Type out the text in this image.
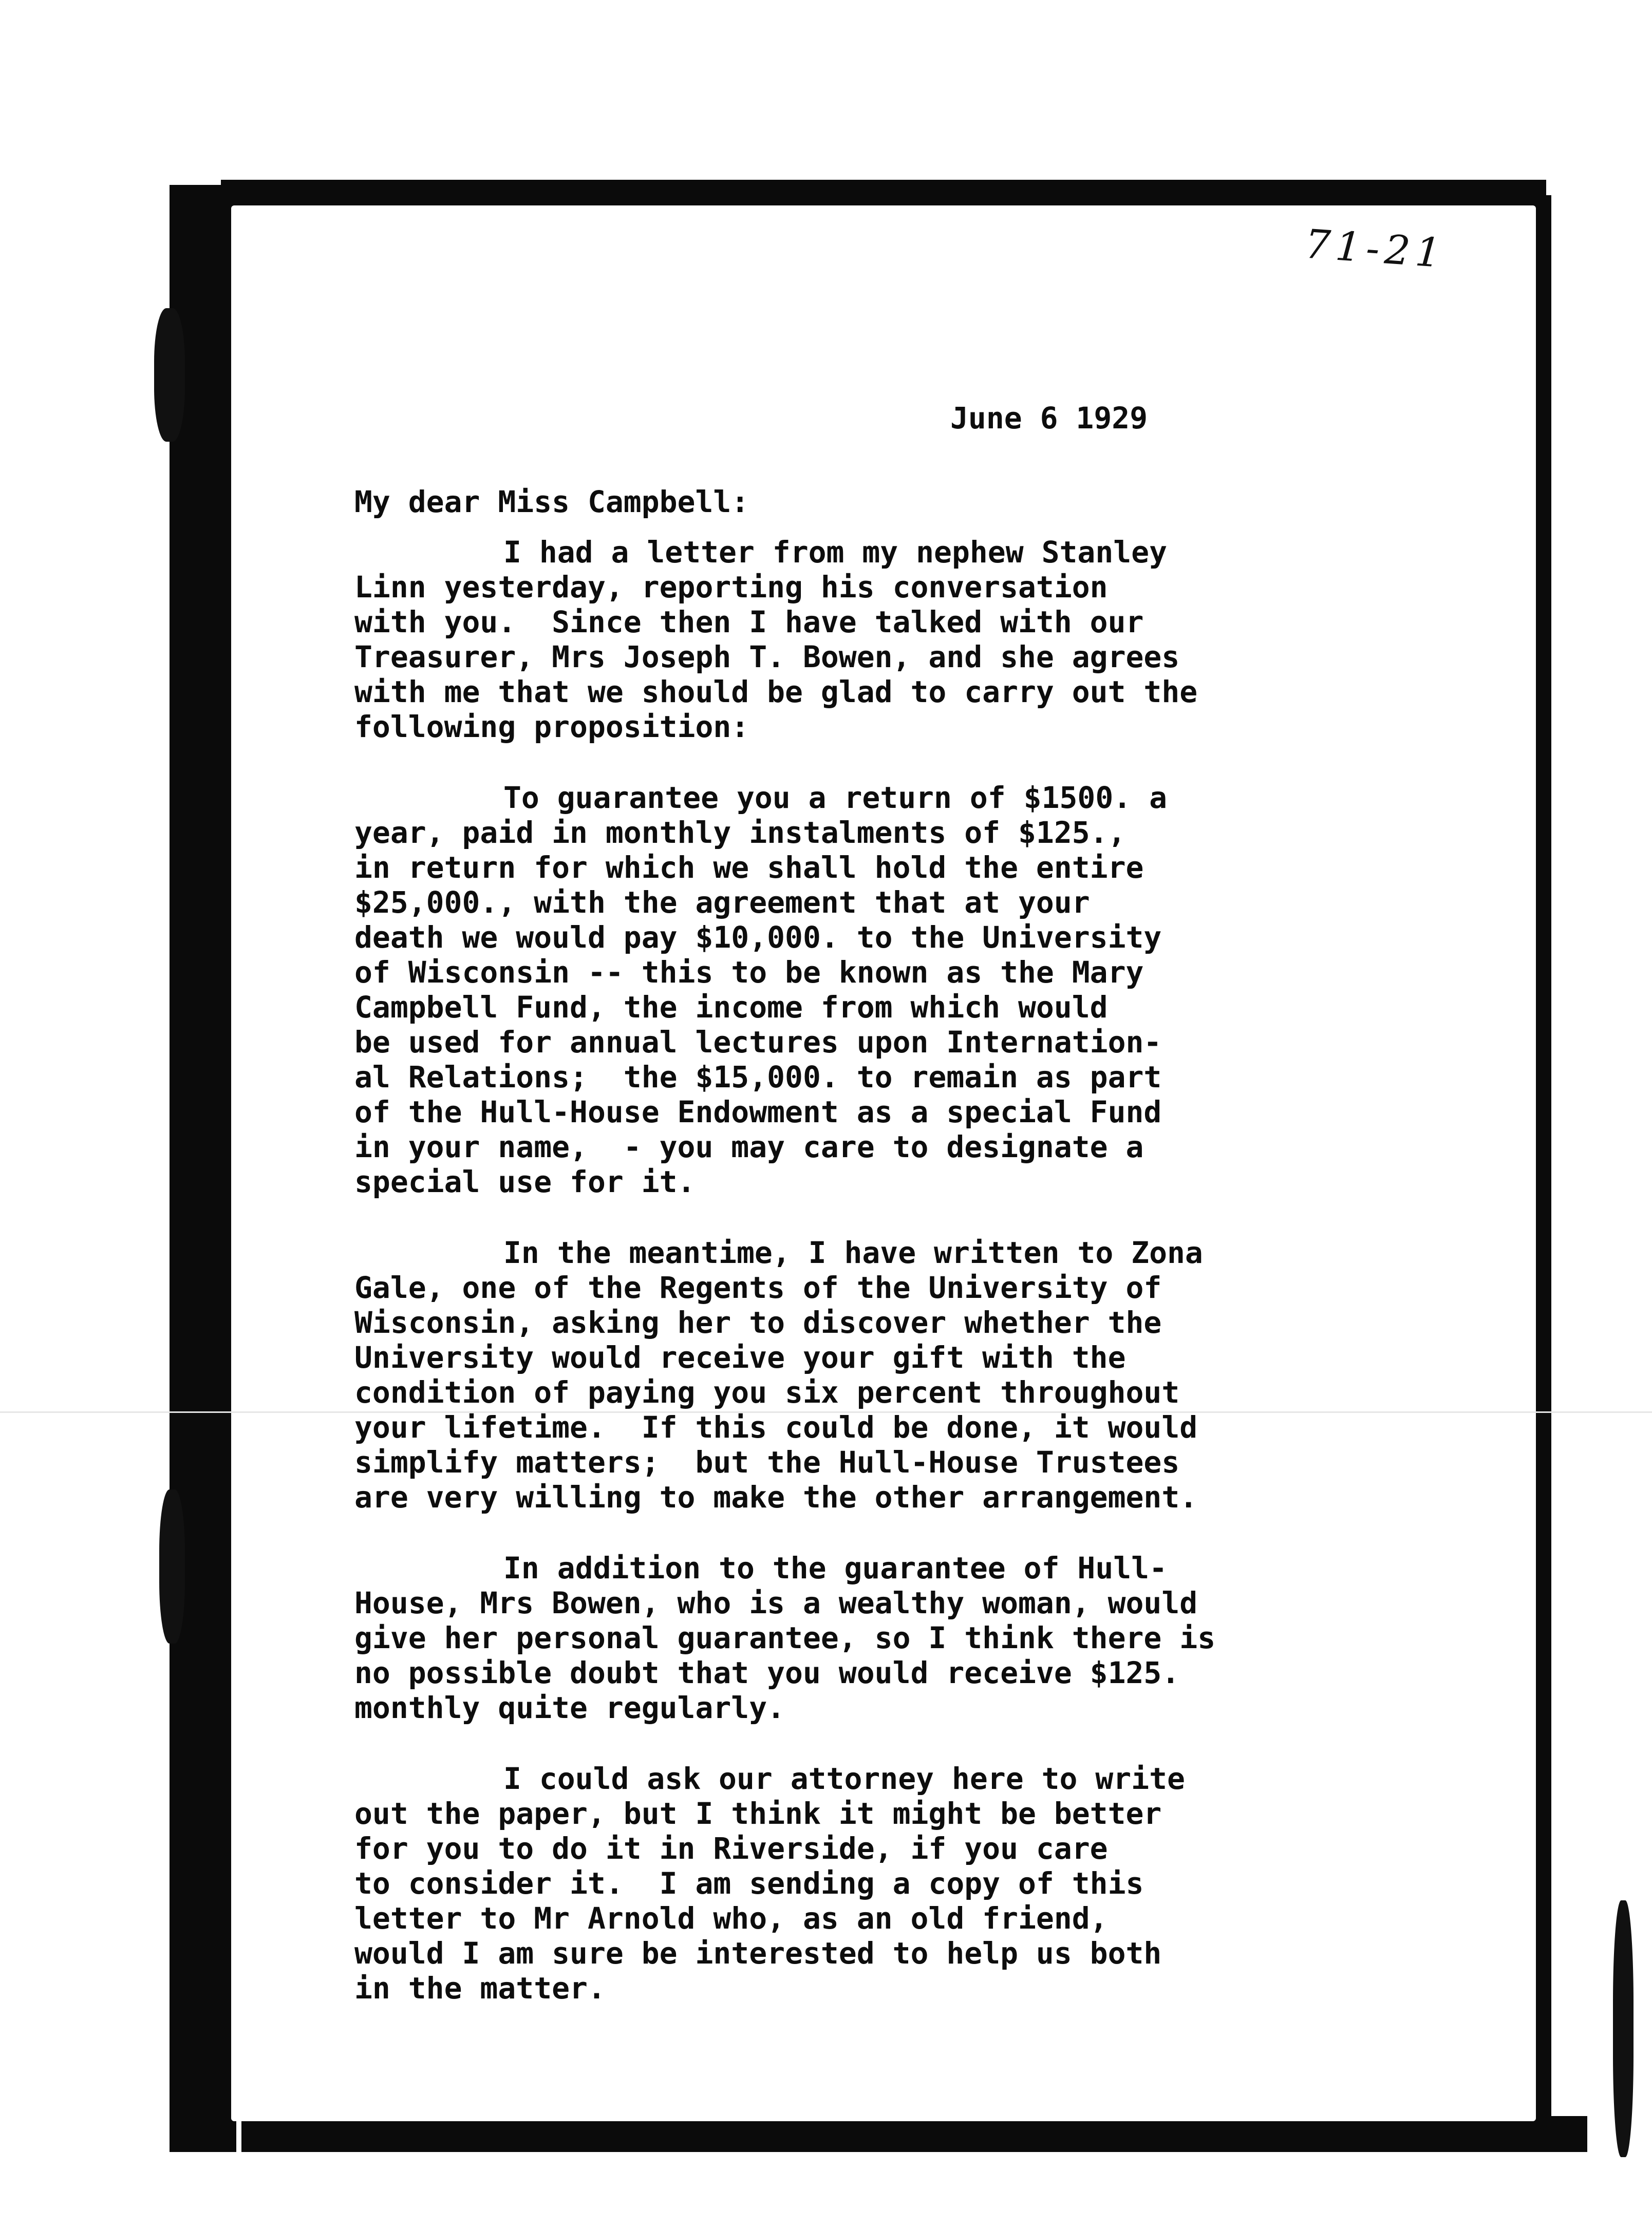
71-21
June 6 1929
My dear Miss Campbell:
I had a letter from my nephew Stanley
Linn yesterday, reporting his conversation
with you.  Since then I have talked with our
Treasurer, Mrs Joseph T. Bowen, and she agrees
with me that we should be glad to carry out the
following proposition:
To guarantee you a return of $1500. a
year, paid in monthly instalments of $125.,
in return for which we shall hold the entire
$25,000., with the agreement that at your
death we would pay $10,000. to the University
of Wisconsin -- this to be known as the Mary
Campbell Fund, the income from which would
be used for annual lectures upon Internation-
al Relations;  the $15,000. to remain as part
of the Hull-House Endowment as a special Fund
in your name,  - you may care to designate a
special use for it.
In the meantime, I have written to Zona
Gale, one of the Regents of the University of
Wisconsin, asking her to discover whether the
University would receive your gift with the
condition of paying you six percent throughout
your lifetime.  If this could be done, it would
simplify matters;  but the Hull-House Trustees
are very willing to make the other arrangement.
In addition to the guarantee of Hull-
House, Mrs Bowen, who is a wealthy woman, would
give her personal guarantee, so I think there is
no possible doubt that you would receive $125.
monthly quite regularly.
I could ask our attorney here to write
out the paper, but I think it might be better
for you to do it in Riverside, if you care
to consider it.  I am sending a copy of this
letter to Mr Arnold who, as an old friend,
would I am sure be interested to help us both
in the matter.
